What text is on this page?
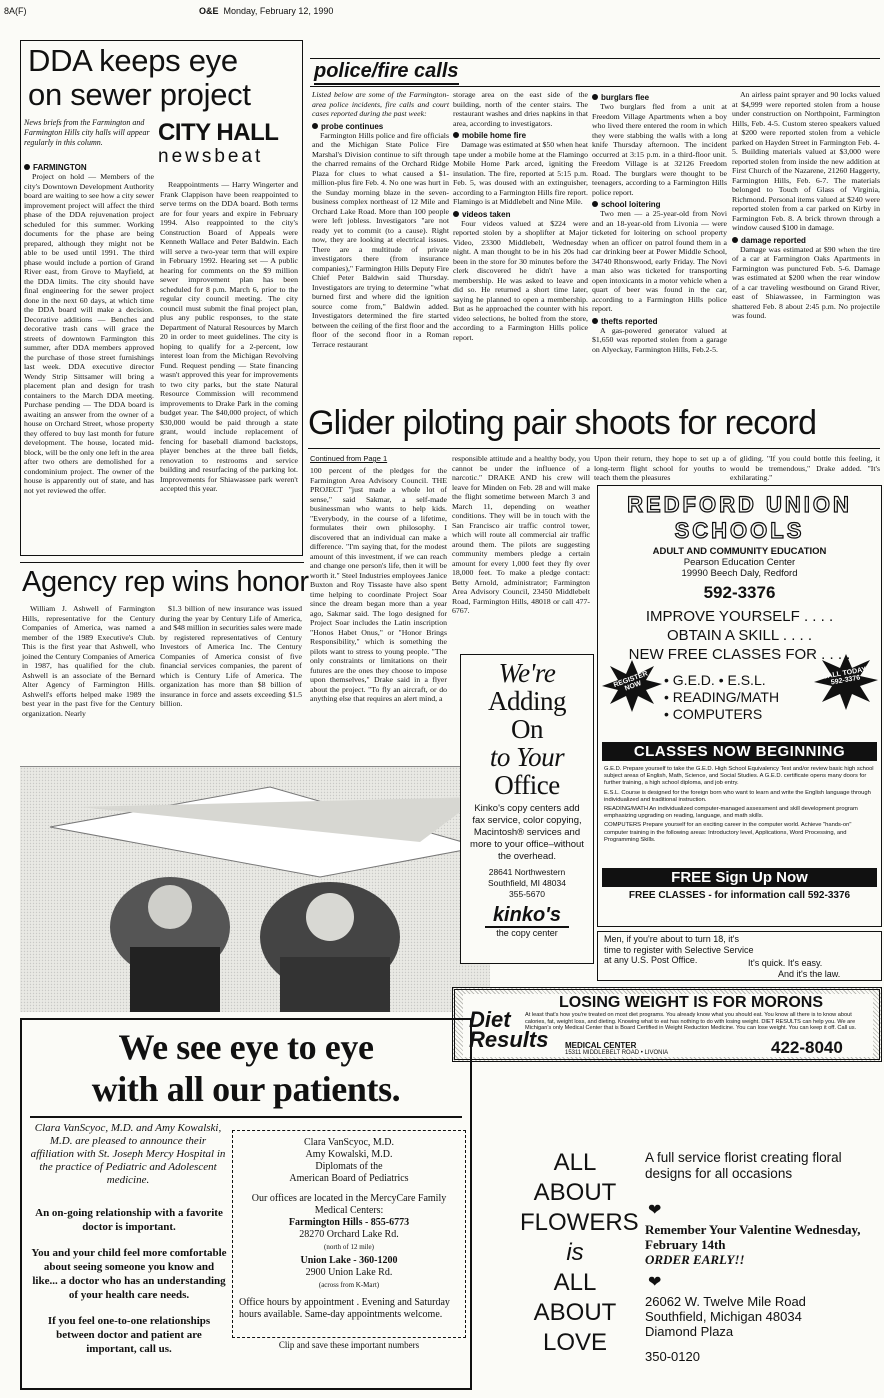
8A(F)	O&E Monday, February 12, 1990
DDA keeps eye
on sewer project
News briefs from the Farmington and Farmington Hills city halls will appear regularly in this column.	CITY HALL
newsbeat
FARMINGTON
Project on hold — Members of the city's Downtown Development Authority board are waiting to see how a city sewer improvement project will affect the third phase of the DDA rejuvenation project scheduled for this summer. Working documents for the phase are being prepared, although they might not be able to be used until 1991. The third phase would include a portion of Grand River east, from Grove to Mayfield, at the DDA limits. The city should have final engineering for the sewer project done in the next 60 days, at which time the DDA board will make a decision. Decorative additions — Benches and decorative trash cans will grace the streets of downtown Farmington this summer, after DDA members approved the purchase of those street furnishings last week. DDA executive director Wendy Strip Sittsamer will bring a placement plan and design for trash containers to the March DDA meeting. Purchase pending — The DDA board is awaiting an answer from the owner of a house on Orchard Street, whose property they offered to buy last month for future development. The house, located mid-block, will be the only one left in the area after two others are demolished for a condominium project. The owner of the house is apparently out of state, and has not yet reviewed the offer.
Reappointments — Harry Wingerter and Frank Clappison have been reappointed to serve terms on the DDA board. Both terms are for four years and expire in February 1994. Also reappointed to the city's Construction Board of Appeals were Kenneth Wallace and Peter Baldwin. Each will serve a two-year term that will expire in February 1992. Hearing set — A public hearing for comments on the $9 million sewer improvement plan has been scheduled for 8 p.m. March 6, prior to the regular city council meeting. The city council must submit the final project plan, plus any public responses, to the state Department of Natural Resources by March 20 in order to meet guidelines. The city is hoping to qualify for a 2-percent, low interest loan from the Michigan Revolving Fund. Request pending — State financing wasn't approved this year for improvements to two city parks, but the state Natural Resource Commission will recommend improvements to Drake Park in the coming budget year. The $40,000 project, of which $30,000 would be paid through a state grant, would include replacement of fencing for baseball diamond backstops, player benches at the three ball fields, renovation to restrooms and service building and resurfacing of the parking lot. Improvements for Shiawassee park weren't accepted this year.
police/fire calls
Listed below are some of the Farmington-area police incidents, fire calls and court cases reported during the past week:
probe continues
Farmington Hills police and fire officials and the Michigan State Police Fire Marshal's Division continue to sift through the charred remains of the Orchard Ridge Plaza for clues to what caused a $1-million-plus fire Feb. 4. No one was hurt in the Sunday morning blaze in the seven-business complex northeast of 12 Mile and Orchard Lake Road. More than 100 people were left jobless. Investigators "are not ready yet to commit (to a cause). Right now, they are looking at electrical issues. There are a multitude of private investigators there (from insurance companies)," Farmington Hills Deputy Fire Chief Peter Baldwin said Thursday. Investigators are trying to determine "what burned first and where did the ignition source come from," Baldwin added. Investigators determined the fire started between the ceiling of the first floor and the floor of the second floor in a Roman Terrace restaurant
storage area on the east side of the building, north of the center stairs. The restaurant washes and dries napkins in that area, according to investigators.
mobile home fire
Damage was estimated at $50 when heat tape under a mobile home at the Flamingo Mobile Home Park arced, igniting the insulation. The fire, reported at 5:15 p.m. Feb. 5, was doused with an extinguisher, according to a Farmington Hills fire report. Flamingo is at Middlebelt and Nine Mile.
videos taken
Four videos valued at $224 were reported stolen by a shoplifter at Major Video, 23300 Middlebelt, Wednesday night. A man thought to be in his 20s had been in the store for 30 minutes before the clerk discovered he didn't have a membership. He was asked to leave and did so. He returned a short time later, saying he planned to open a membership. But as he approached the counter with his video selections, he bolted from the store, according to a Farmington Hills police report.
burglars flee
Two burglars fled from a unit at Freedom Village Apartments when a boy who lived there entered the room in which they were stabbing the walls with a long knife Thursday afternoon. The incident occurred at 3:15 p.m. in a third-floor unit. Freedom Village is at 32126 Freedom Road. The burglars were thought to be teenagers, according to a Farmington Hills police report.
school loitering
Two men — a 25-year-old from Novi and an 18-year-old from Livonia — were ticketed for loitering on school property when an officer on patrol found them in a car drinking beer at Power Middle School, 34740 Rhonswood, early Friday. The Novi man also was ticketed for transporting open intoxicants in a motor vehicle when a quart of beer was found in the car, according to a Farmington Hills police report.
thefts reported
A gas-powered generator valued at $1,650 was reported stolen from a garage on Alyeckay, Farmington Hills, Feb.2-5.
An airless paint sprayer and 90 locks valued at $4,999 were reported stolen from a house under construction on Northpoint, Farmington Hills, Feb. 4-5. Custom stereo speakers valued at $200 were reported stolen from a vehicle parked on Hayden Street in Farmington Feb. 4-5. Building materials valued at $3,000 were reported stolen from inside the new addition at First Church of the Nazarene, 21260 Haggerty, Farmington Hills, Feb. 6-7. The materials belonged to Touch of Glass of Virginia, Richmond. Personal items valued at $240 were reported stolen from a car parked on Kirby in Farmington Feb. 8. A brick thrown through a window caused $100 in damage.
damage reported
Damage was estimated at $90 when the tire of a car at Farmington Oaks Apartments in Farmington was punctured Feb. 5-6. Damage was estimated at $200 when the rear window of a car traveling westbound on Grand River, east of Shiawassee, in Farmington was shattered Feb. 8 about 2:45 p.m. No projectile was found.
Glider piloting pair shoots for record
Continued from Page 1
100 percent of the pledges for the Farmington Area Advisory Council. THE PROJECT "just made a whole lot of sense," said Sakmar, a self-made businessman who wants to help kids. "Everybody, in the course of a lifetime, formulates their own philosophy. I discovered that an individual can make a difference. "I'm saying that, for the modest amount of this investment, if we can reach and change one person's life, then it will be worth it." Steel Industries employees Janice Buxton and Roy Tissaste have also spent time helping to coordinate Project Soar since the dream began more than a year ago, Sakmar said. The logo designed for Project Soar includes the Latin inscription "Honos Habet Onus," or "Honor Brings Responsibility," which is something the pilots want to stress to young people. "The only constraints or limitations on their futures are the ones they choose to impose upon themselves," Drake said in a flyer about the project. "To fly an aircraft, or do anything else that requires an alert mind, a
responsible attitude and a healthy body, you cannot be under the influence of a narcotic." DRAKE AND his crew will leave for Minden on Feb. 28 and will make the flight sometime between March 3 and March 11, depending on weather conditions. They will be in touch with the San Francisco air traffic control tower, which will route all commercial air traffic around them. The pilots are suggesting community members pledge a certain amount for every 1,000 feet they fly over 18,000 feet. To make a pledge contact: Betty Arnold, administrator; Farmington Area Advisory Council, 23450 Middlebelt Road, Farmington Hills, 48018 or call 477-6767.
Upon their return, they hope to set up a long-term flight school for youths to teach them the pleasures
of gliding. "If you could bottle this feeling, it would be tremendous," Drake added. "It's exhilarating."
Agency rep wins honor
William J. Ashwell of Farmington Hills, representative for the Century Companies of America, was named a member of the 1989 Executive's Club. This is the first year that Ashwell, who joined the Century Companies of America in 1987, has qualified for the club. Ashwell is an associate of the Bernard Alter Agency of Farmington Hills. Ashwell's efforts helped make 1989 the best year in the past five for the Century organization. Nearly
$1.3 billion of new insurance was issued during the year by Century Life of America, and $48 million in securities sales were made by registered representatives of Century Investors of America Inc. The Century Companies of America consist of five financial services companies, the parent of which is Century Life of America. The organization has more than $8 billion of insurance in force and assets exceeding $1.5 billion.
We're
Adding
On
to Your
Office
Kinko's copy centers add fax service, color copying, Macintosh® services and more to your office–without the overhead.
28641 Northwestern
Southfield, MI 48034
355-5670
kinko's
the copy center
REDFORD UNION
SCHOOLS
ADULT AND COMMUNITY EDUCATION
Pearson Education Center
19990 Beech Daly, Redford
592-3376
IMPROVE YOURSELF . . . .
OBTAIN A SKILL . . . .
NEW FREE CLASSES FOR . . . .
REGISTER NOW
CALL TODAY 592-3376
• G.E.D. • E.S.L.
• READING/MATH
• COMPUTERS
CLASSES NOW BEGINNING
G.E.D. Prepare yourself to take the G.E.D. High School Equivalency Test and/or review basic high school subject areas of English, Math, Science, and Social Studies. A G.E.D. certificate opens many doors for further training, a high school diploma, and job entry.
E.S.L. Course is designed for the foreign born who want to learn and write the English language through individualized and traditional instruction.
READING/MATH An individualized computer-managed assessment and skill development program emphasizing upgrading on reading, language, and math skills.
COMPUTERS Prepare yourself for an exciting career in the computer world. Achieve "hands-on" computer training in the following areas: Introductory level, Applications, Word Processing, and Programming Skills.
FREE Sign Up Now
FREE CLASSES - for information call 592-3376
Men, if you're about to turn 18, it's
time to register with Selective Service
at any U.S. Post Office.	It's quick. It's easy.
And it's the law.
LOSING WEIGHT IS FOR MORONS
At least that's how you're treated on most diet programs. You already know what you should eat. You know all there is to know about calories, fat, weight loss, and dieting. Knowing what to eat has nothing to do with losing weight. DIET RESULTS can help you. We are Michigan's only Medical Center that is Board Certified in Weight Reduction Medicine. You can lose weight. You can keep it off. Call us.
Diet
Results MEDICAL CENTER
15311 MIDDLEBELT ROAD • LIVONIA	422-8040
We see eye to eye
with all our patients.
Clara VanScyoc, M.D. and Amy Kowalski, M.D. are pleased to announce their affiliation with St. Joseph Mercy Hospital in the practice of Pediatric and Adolescent medicine.
An on-going relationship with a favorite doctor is important.
You and your child feel more comfortable about seeing someone you know and like... a doctor who has an understanding of your health care needs.
If you feel one-to-one relationships between doctor and patient are important, call us.
Clara VanScyoc, M.D.
Amy Kowalski, M.D.
Diplomats of the
American Board of Pediatrics
Our offices are located in the MercyCare Family Medical Centers:
Farmington Hills - 855-6773
28270 Orchard Lake Rd.
(north of 12 mile)
Union Lake - 360-1200
2900 Union Lake Rd.
(across from K-Mart)
Office hours by appointment . Evening and Saturday hours available. Same-day appointments welcome.
Clip and save these important numbers
ALL
ABOUT
FLOWERS
is
ALL
ABOUT
LOVE
A full service florist creating floral designs for all occasions
❤
Remember Your Valentine Wednesday, February 14th
ORDER EARLY!!
❤
26062 W. Twelve Mile Road
Southfield, Michigan 48034
Diamond Plaza
350-0120
